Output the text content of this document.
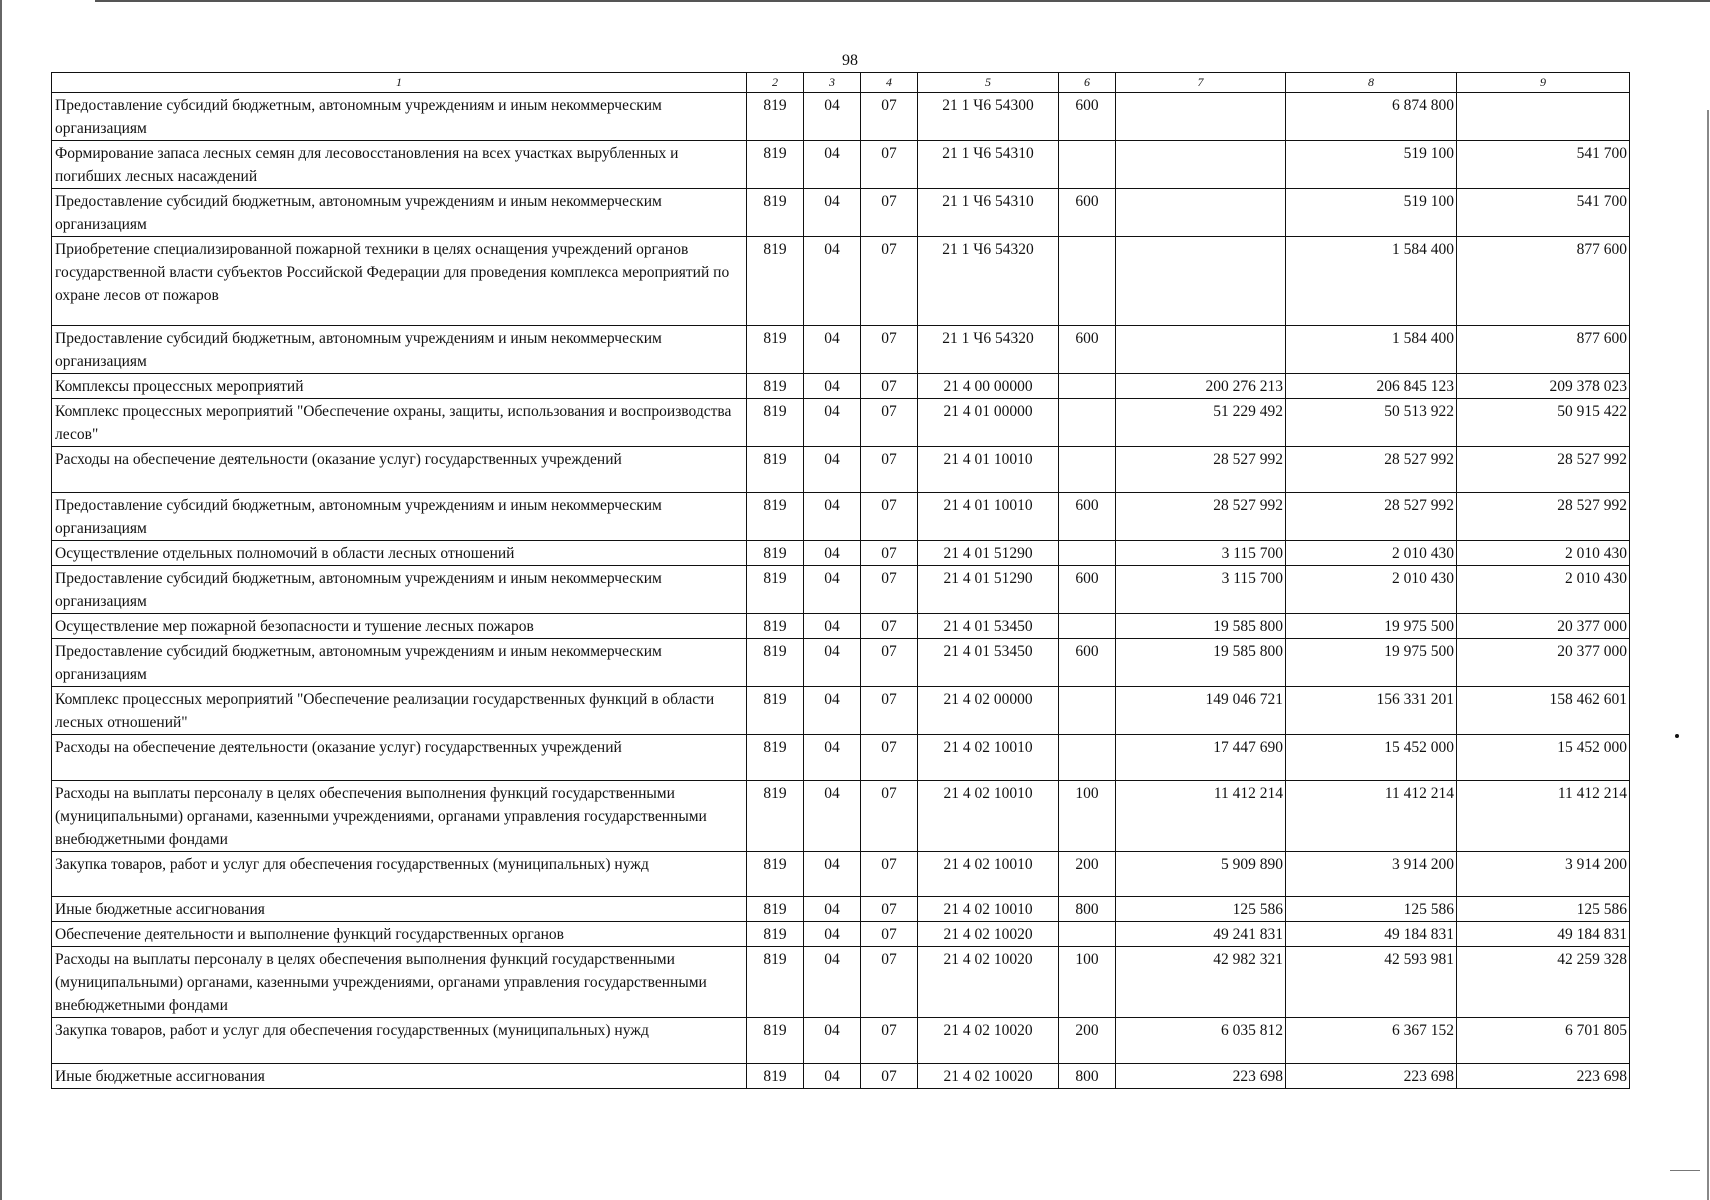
98
1	2	3	4	5	6	7	8	9
Предоставление субсидий бюджетным, автономным учреждениям и иным некоммерческим организациям	819	04	07	21 1 Ч6 54300	600		6 874 800	
Формирование запаса лесных семян для лесовосстановления на всех участках вырубленных и погибших лесных насаждений	819	04	07	21 1 Ч6 54310			519 100	541 700
Предоставление субсидий бюджетным, автономным учреждениям и иным некоммерческим организациям	819	04	07	21 1 Ч6 54310	600		519 100	541 700
Приобретение специализированной пожарной техники в целях оснащения учреждений органов государственной власти субъектов Российской Федерации для проведения комплекса мероприятий по охране лесов от пожаров	819	04	07	21 1 Ч6 54320			1 584 400	877 600
Предоставление субсидий бюджетным, автономным учреждениям и иным некоммерческим организациям	819	04	07	21 1 Ч6 54320	600		1 584 400	877 600
Комплексы процессных мероприятий	819	04	07	21 4 00 00000		200 276 213	206 845 123	209 378 023
Комплекс процессных мероприятий "Обеспечение охраны, защиты, использования и воспроизводства лесов"	819	04	07	21 4 01 00000		51 229 492	50 513 922	50 915 422
Расходы на обеспечение деятельности (оказание услуг) государственных учреждений	819	04	07	21 4 01 10010		28 527 992	28 527 992	28 527 992
Предоставление субсидий бюджетным, автономным учреждениям и иным некоммерческим организациям	819	04	07	21 4 01 10010	600	28 527 992	28 527 992	28 527 992
Осуществление отдельных полномочий в области лесных отношений	819	04	07	21 4 01 51290		3 115 700	2 010 430	2 010 430
Предоставление субсидий бюджетным, автономным учреждениям и иным некоммерческим организациям	819	04	07	21 4 01 51290	600	3 115 700	2 010 430	2 010 430
Осуществление мер пожарной безопасности и тушение лесных пожаров	819	04	07	21 4 01 53450		19 585 800	19 975 500	20 377 000
Предоставление субсидий бюджетным, автономным учреждениям и иным некоммерческим организациям	819	04	07	21 4 01 53450	600	19 585 800	19 975 500	20 377 000
Комплекс процессных мероприятий "Обеспечение реализации государственных функций в области лесных отношений"	819	04	07	21 4 02 00000		149 046 721	156 331 201	158 462 601
Расходы на обеспечение деятельности (оказание услуг) государственных учреждений	819	04	07	21 4 02 10010		17 447 690	15 452 000	15 452 000
Расходы на выплаты персоналу в целях обеспечения выполнения функций государственными (муниципальными) органами, казенными учреждениями, органами управления государственными внебюджетными фондами	819	04	07	21 4 02 10010	100	11 412 214	11 412 214	11 412 214
Закупка товаров, работ и услуг для обеспечения государственных (муниципальных) нужд	819	04	07	21 4 02 10010	200	5 909 890	3 914 200	3 914 200
Иные бюджетные ассигнования	819	04	07	21 4 02 10010	800	125 586	125 586	125 586
Обеспечение деятельности и выполнение функций государственных органов	819	04	07	21 4 02 10020		49 241 831	49 184 831	49 184 831
Расходы на выплаты персоналу в целях обеспечения выполнения функций государственными (муниципальными) органами, казенными учреждениями, органами управления государственными внебюджетными фондами	819	04	07	21 4 02 10020	100	42 982 321	42 593 981	42 259 328
Закупка товаров, работ и услуг для обеспечения государственных (муниципальных) нужд	819	04	07	21 4 02 10020	200	6 035 812	6 367 152	6 701 805
Иные бюджетные ассигнования	819	04	07	21 4 02 10020	800	223 698	223 698	223 698
